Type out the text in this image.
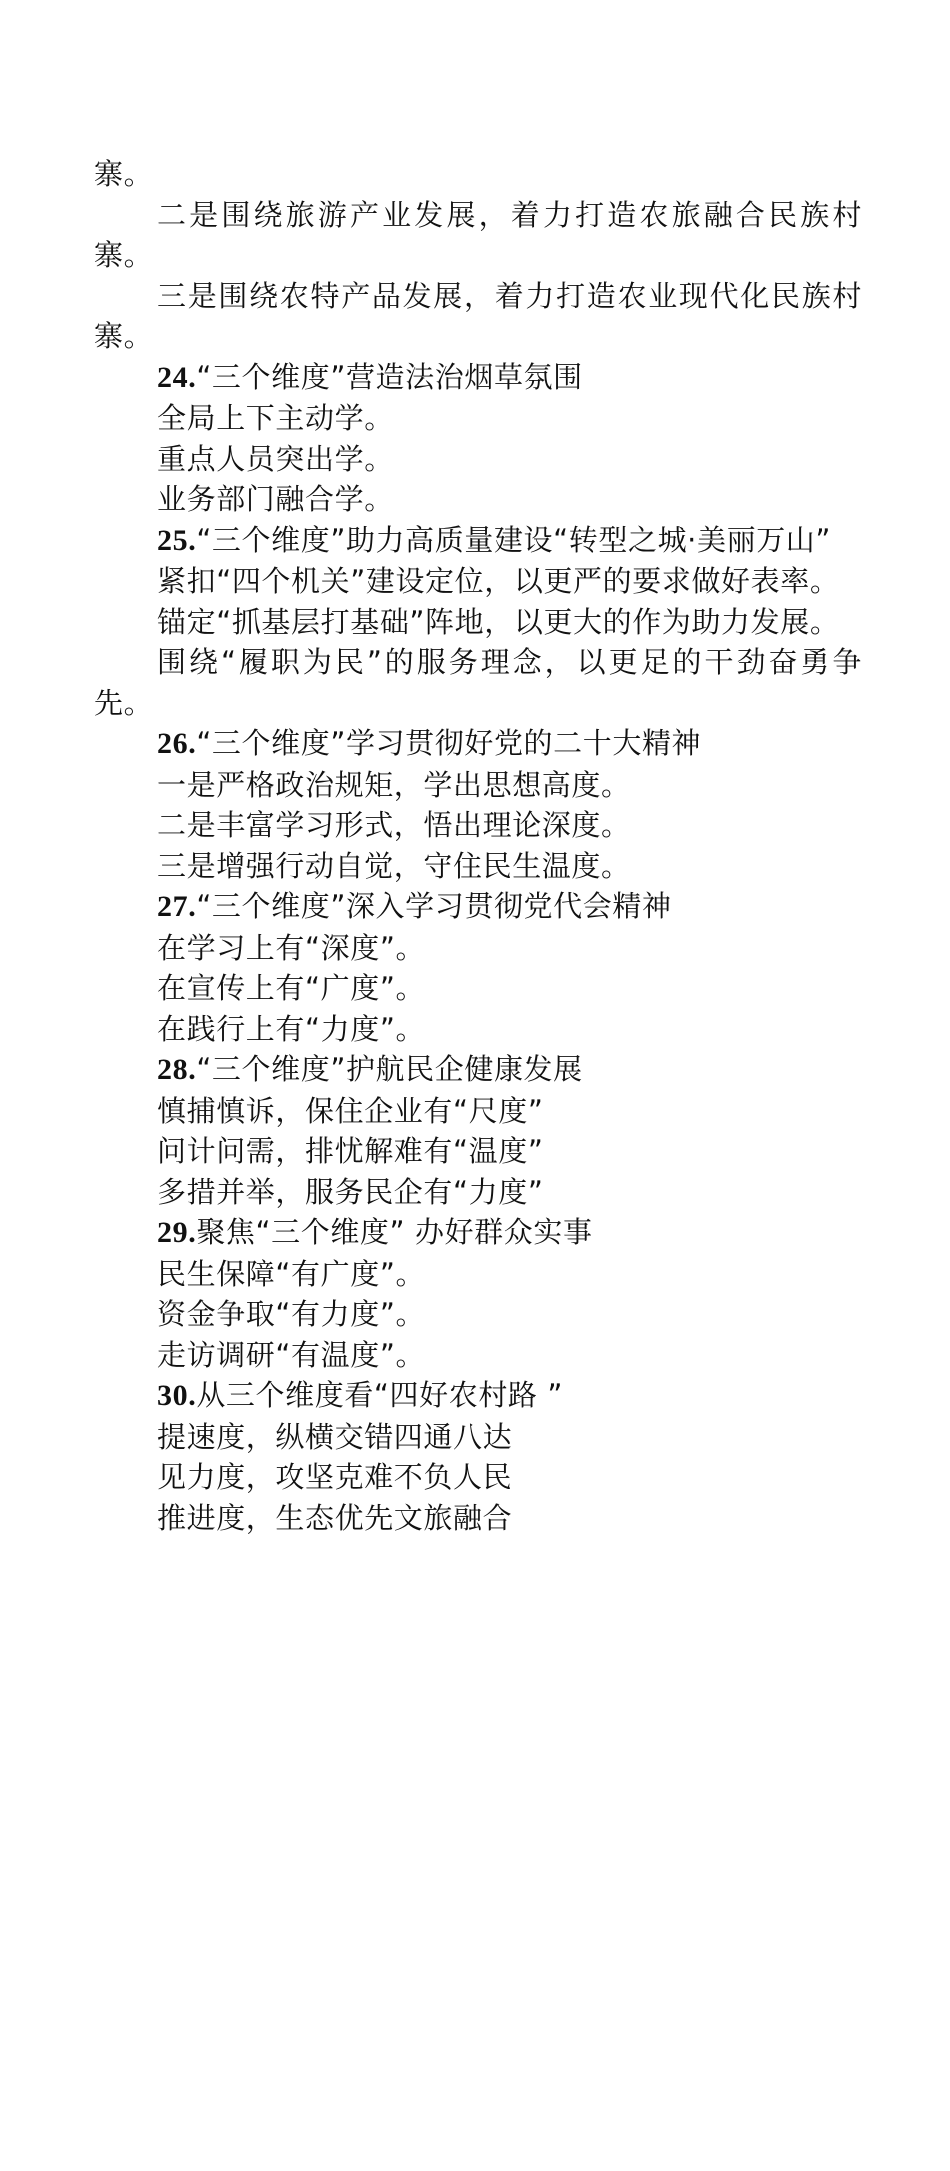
寨。

二是围绕旅游产业发展，着力打造农旅融合民族村寨。

三是围绕农特产品发展，着力打造农业现代化民族村寨。

24.“三个维度”营造法治烟草氛围

全局上下主动学。

重点人员突出学。

业务部门融合学。

25.“三个维度”助力高质量建设“转型之城·美丽万山”

紧扣“四个机关”建设定位，以更严的要求做好表率。

锚定“抓基层打基础”阵地，以更大的作为助力发展。

围绕“履职为民”的服务理念，以更足的干劲奋勇争先。

26.“三个维度”学习贯彻好党的二十大精神

一是严格政治规矩，学出思想高度。

二是丰富学习形式，悟出理论深度。

三是增强行动自觉，守住民生温度。

27.“三个维度”深入学习贯彻党代会精神

在学习上有“深度”。

在宣传上有“广度”。

在践行上有“力度”。

28.“三个维度”护航民企健康发展

慎捕慎诉，保住企业有“尺度”

问计问需，排忧解难有“温度”

多措并举，服务民企有“力度”

29.聚焦“三个维度” 办好群众实事

民生保障“有广度”。

资金争取“有力度”。

走访调研“有温度”。

30.从三个维度看“四好农村路 ”

提速度，纵横交错四通八达

见力度，攻坚克难不负人民

推进度，生态优先文旅融合
